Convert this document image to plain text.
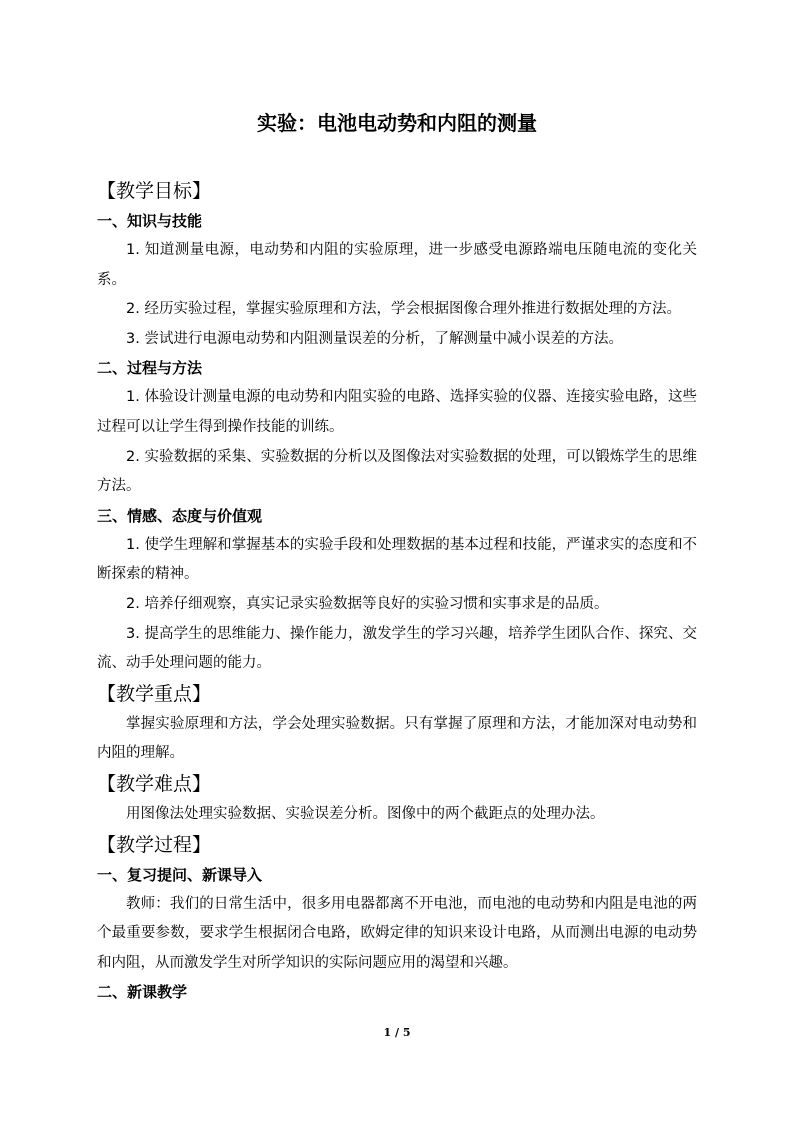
实验：电池电动势和内阻的测量
【教学目标】
一、知识与技能

1. 知道测量电源，电动势和内阻的实验原理，进一步感受电源路端电压随电流的变化关系。

2. 经历实验过程，掌握实验原理和方法，学会根据图像合理外推进行数据处理的方法。

3. 尝试进行电源电动势和内阻测量误差的分析，了解测量中减小误差的方法。

二、过程与方法

1. 体验设计测量电源的电动势和内阻实验的电路、选择实验的仪器、连接实验电路，这些过程可以让学生得到操作技能的训练。

2. 实验数据的采集、实验数据的分析以及图像法对实验数据的处理，可以锻炼学生的思维方法。

三、情感、态度与价值观

1. 使学生理解和掌握基本的实验手段和处理数据的基本过程和技能，严谨求实的态度和不断探索的精神。

2. 培养仔细观察，真实记录实验数据等良好的实验习惯和实事求是的品质。

3. 提高学生的思维能力、操作能力，激发学生的学习兴趣，培养学生团队合作、探究、交流、动手处理问题的能力。

【教学重点】

掌握实验原理和方法，学会处理实验数据。只有掌握了原理和方法，才能加深对电动势和内阻的理解。

【教学难点】

用图像法处理实验数据、实验误差分析。图像中的两个截距点的处理办法。

【教学过程】
一、复习提问、新课导入

教师：我们的日常生活中，很多用电器都离不开电池，而电池的电动势和内阻是电池的两个最重要参数，要求学生根据闭合电路，欧姆定律的知识来设计电路，从而测出电源的电动势和内阻，从而激发学生对所学知识的实际问题应用的渴望和兴趣。

二、新课教学
1 / 5
